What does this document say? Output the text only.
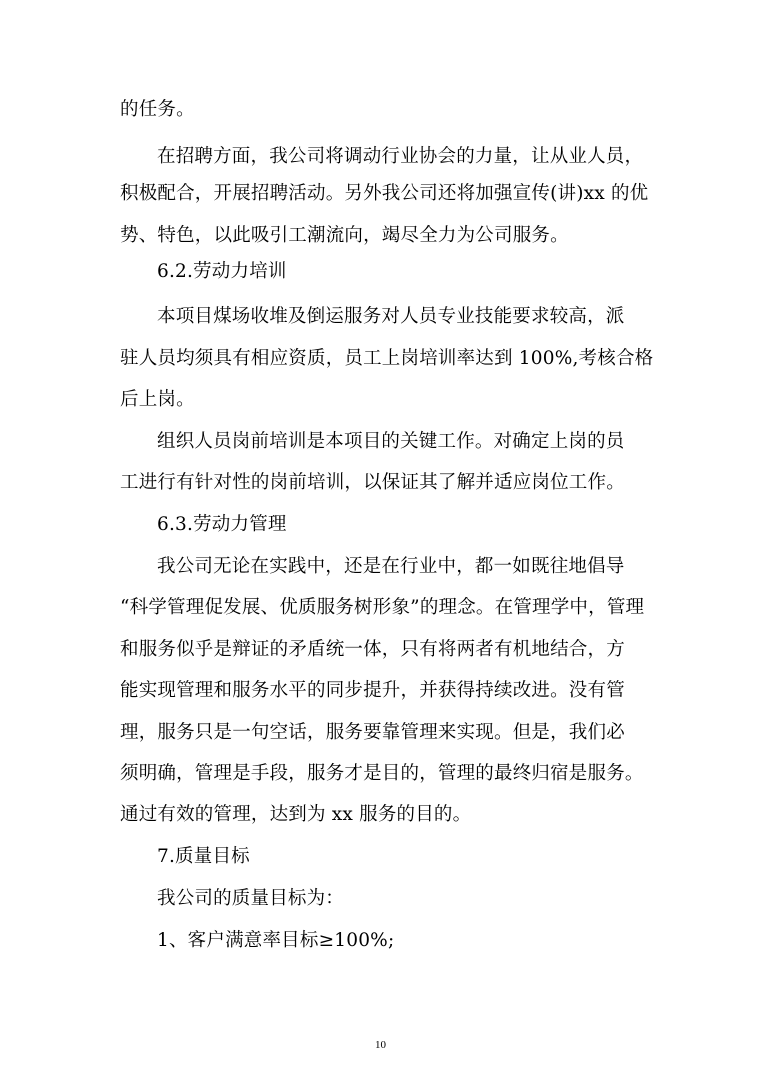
的任务。
在招聘方面，我公司将调动行业协会的力量，让从业人员，
积极配合，开展招聘活动。另外我公司还将加强宣传(讲)xx 的优
势、特色，以此吸引工潮流向，竭尽全力为公司服务。
6.2.劳动力培训
本项目煤场收堆及倒运服务对人员专业技能要求较高，派
驻人员均须具有相应资质，员工上岗培训率达到 100%,考核合格
后上岗。
组织人员岗前培训是本项目的关键工作。对确定上岗的员
工进行有针对性的岗前培训，以保证其了解并适应岗位工作。
6.3.劳动力管理
我公司无论在实践中，还是在行业中，都一如既往地倡导
“科学管理促发展、优质服务树形象”的理念。在管理学中，管理
和服务似乎是辩证的矛盾统一体，只有将两者有机地结合，方
能实现管理和服务水平的同步提升，并获得持续改进。没有管
理，服务只是一句空话，服务要靠管理来实现。但是，我们必
须明确，管理是手段，服务才是目的，管理的最终归宿是服务。
通过有效的管理，达到为 xx 服务的目的。
7.质量目标
我公司的质量目标为：
1、客户满意率目标≥100%;
10
